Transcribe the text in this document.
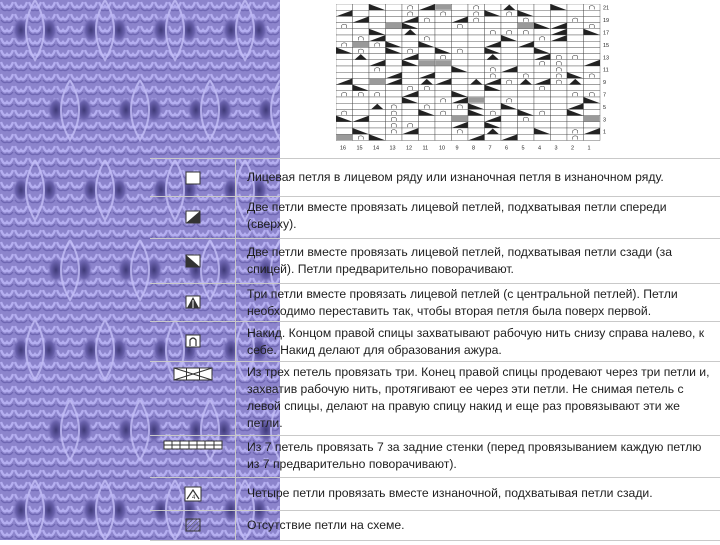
21
19
17
15
13
11
9
7
5
3
1
16 15 14 13 12 11 10 9 8 7 6 5 4 3 2 1
Лицевая петля в лицевом ряду или изнаночная петля в изнаночном ряду.
Две петли вместе провязать лицевой петлей, подхватывая петли спереди (сверху).
Две петли вместе провязать лицевой петлей, подхватывая петли сзади (за спицей). Петли предварительно поворачивают.
Три петли вместе провязать лицевой петлей (с центральной петлей). Петли необходимо переставить так, чтобы вторая петля была поверх первой.
Накид. Концом правой спицы захватывают рабочую нить снизу справа налево, к себе. Накид делают для образования ажура.
Из трех петель провязать три. Конец правой спицы продевают через три петли и, захватив рабочую нить, протягивают ее через эти петли. Не снимая петель с левой спицы, делают на правую спицу накид и еще раз провязывают эти же петли.
Из 7 петель провязать 7 за задние стенки (перед провязыванием каждую петлю из 7 предварительно поворачивают).
4	Четыре петли провязать вместе изнаночной, подхватывая петли сзади.
Отсутствие петли на схеме.
